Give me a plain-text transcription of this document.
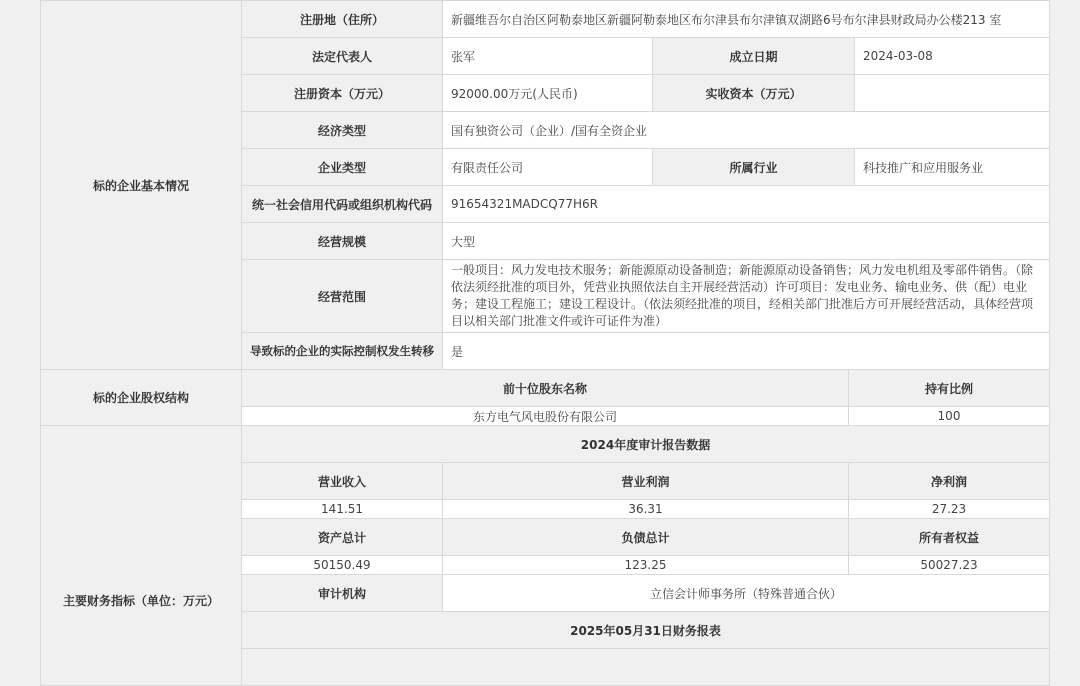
标的企业基本情况	注册地（住所）	新疆维吾尔自治区阿勒泰地区新疆阿勒泰地区布尔津县布尔津镇双湖路6号布尔津县财政局办公楼213 室		
	法定代表人	张军	成立日期	2024-03-08
	注册资本（万元）	92000.00万元(人民币)	实收资本（万元）	
	经济类型	国有独资公司（企业）/国有全资企业		
	企业类型	有限责任公司	所属行业	科技推广和应用服务业
	统一社会信用代码或组织机构代码	91654321MADCQ77H6R		
	经营规模	大型		
	经营范围	一般项目：风力发电技术服务；新能源原动设备制造；新能源原动设备销售；风力发电机组及零部件销售。（除依法须经批准的项目外，凭营业执照依法自主开展经营活动）许可项目：发电业务、输电业务、供（配）电业务；建设工程施工；建设工程设计。（依法须经批准的项目，经相关部门批准后方可开展经营活动，具体经营项目以相关部门批准文件或许可证件为准）		
	导致标的企业的实际控制权发生转移	是		
标的企业股权结构	前十位股东名称	持有比例
	东方电气风电股份有限公司	100
主要财务指标（单位：万元）	2024年度审计报告数据		
	营业收入	营业利润	净利润
	141.51	36.31	27.23
	资产总计	负债总计	所有者权益
	50150.49	123.25	50027.23
	审计机构	立信会计师事务所（特殊普通合伙）	
	2025年05月31日财务报表		
